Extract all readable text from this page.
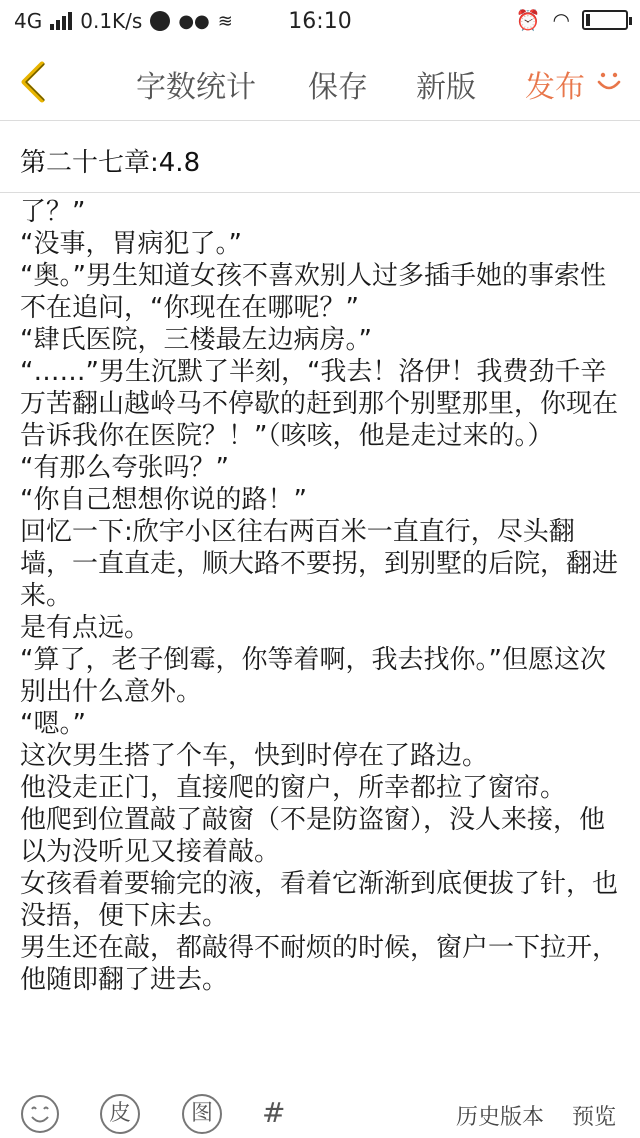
4G 0.1K/s ●● ≋	16:10	⏰ ◠
字数统计 保存 新版 发布
第二十七章:4.8

了？”

“没事，胃病犯了。”

“奥。”男生知道女孩不喜欢别人过多插手她的事索性不在追问，“你现在在哪呢？”

“肆氏医院，三楼最左边病房。”

“……”男生沉默了半刻，“我去！洛伊！我费劲千辛万苦翻山越岭马不停歇的赶到那个别墅那里，你现在告诉我你在医院？！”（咳咳，他是走过来的。）

“有那么夸张吗？”

“你自己想想你说的路！”

回忆一下:欣宇小区往右两百米一直直行，尽头翻墙，一直直走，顺大路不要拐，到别墅的后院，翻进来。

是有点远。

“算了，老子倒霉，你等着啊，我去找你。”但愿这次别出什么意外。

“嗯。”

这次男生搭了个车，快到时停在了路边。

他没走正门，直接爬的窗户，所幸都拉了窗帘。

他爬到位置敲了敲窗（不是防盗窗），没人来接，他以为没听见又接着敲。

女孩看着要输完的液，看着它渐渐到底便拔了针，也没捂，便下床去。

男生还在敲，都敲得不耐烦的时候，窗户一下拉开，他随即翻了进去。

皮	图	#	历史版本 预览
